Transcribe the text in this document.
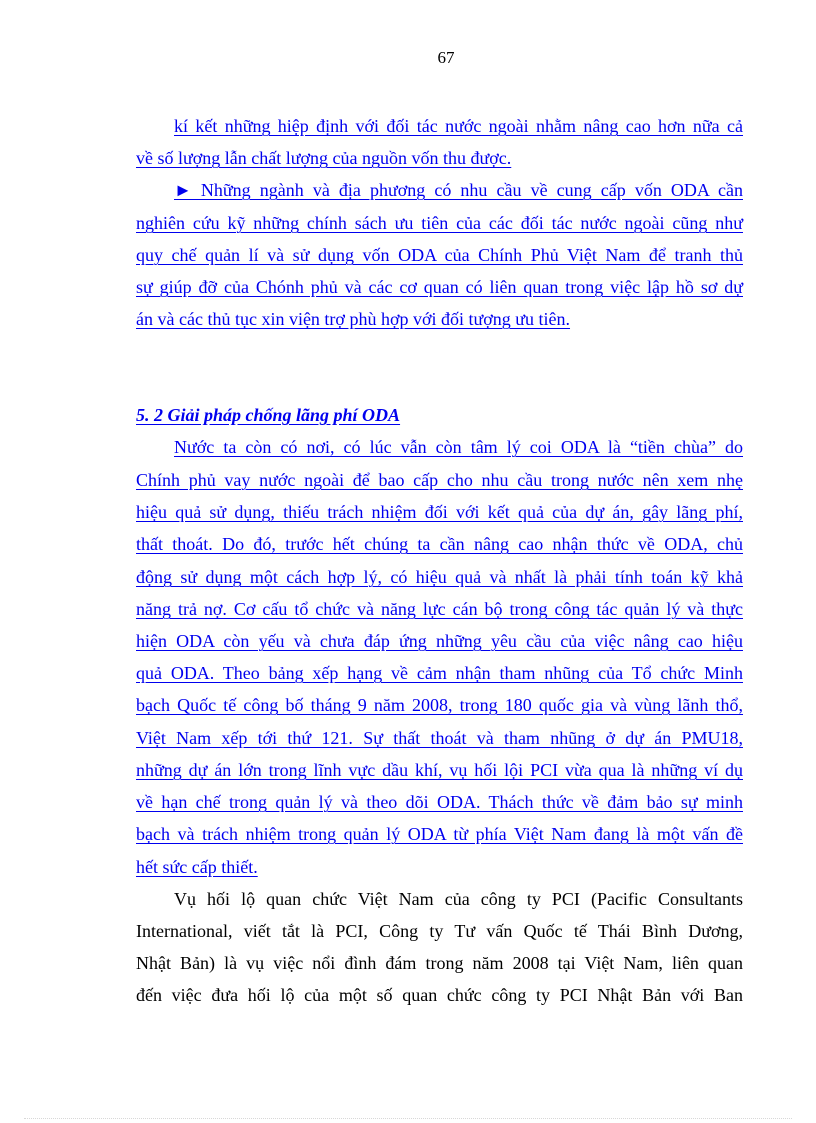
67
kí kết những hiệp định với đối tác nước ngoài nhằm nâng cao hơn nữa cả
về số lượng lẫn chất lượng của nguồn vốn thu được.
► Những ngành và địa phương có nhu cầu về cung cấp vốn ODA cần
nghiên cứu kỹ những chính sách ưu tiên của các đối tác nước ngoài cũng như
quy chế quản lí và sử dụng vốn ODA của Chính Phủ Việt Nam để tranh thủ
sự giúp đỡ của Chónh phủ và các cơ quan có liên quan trong việc lập hồ sơ dự
án và các thủ tục xin viện trợ phù hợp với đối tượng ưu tiên.
5. 2 Giải pháp chống lãng phí ODA
Nước ta còn có nơi, có lúc vẫn còn tâm lý coi ODA là “tiền chùa” do
Chính phủ vay nước ngoài để bao cấp cho nhu cầu trong nước nên xem nhẹ
hiệu quả sử dụng, thiếu trách nhiệm đối với kết quả của dự án, gây lãng phí,
thất thoát. Do đó, trước hết chúng ta cần nâng cao nhận thức về ODA, chủ
động sử dụng một cách hợp lý, có hiệu quả và nhất là phải tính toán kỹ khả
năng trả nợ. Cơ cấu tổ chức và năng lực cán bộ trong công tác quản lý và thực
hiện ODA còn yếu và chưa đáp ứng những yêu cầu của việc nâng cao hiệu
quả ODA. Theo bảng xếp hạng về cảm nhận tham nhũng của Tổ chức Minh
bạch Quốc tế công bố tháng 9 năm 2008, trong 180 quốc gia và vùng lãnh thổ,
Việt Nam xếp tới thứ 121. Sự thất thoát và tham nhũng ở dự án PMU18,
những dự án lớn trong lĩnh vực dầu khí, vụ hối lội PCI vừa qua là những ví dụ
về hạn chế trong quản lý và theo dõi ODA. Thách thức về đảm bảo sự minh
bạch và trách nhiệm trong quản lý ODA từ phía Việt Nam đang là một vấn đề
hết sức cấp thiết.
Vụ hối lộ quan chức Việt Nam của công ty PCI (Pacific Consultants
International, viết tắt là PCI, Công ty Tư vấn Quốc tế Thái Bình Dương,
Nhật Bản) là vụ việc nổi đình đám trong năm 2008 tại Việt Nam, liên quan
đến việc đưa hối lộ của một số quan chức công ty PCI Nhật Bản với Ban
